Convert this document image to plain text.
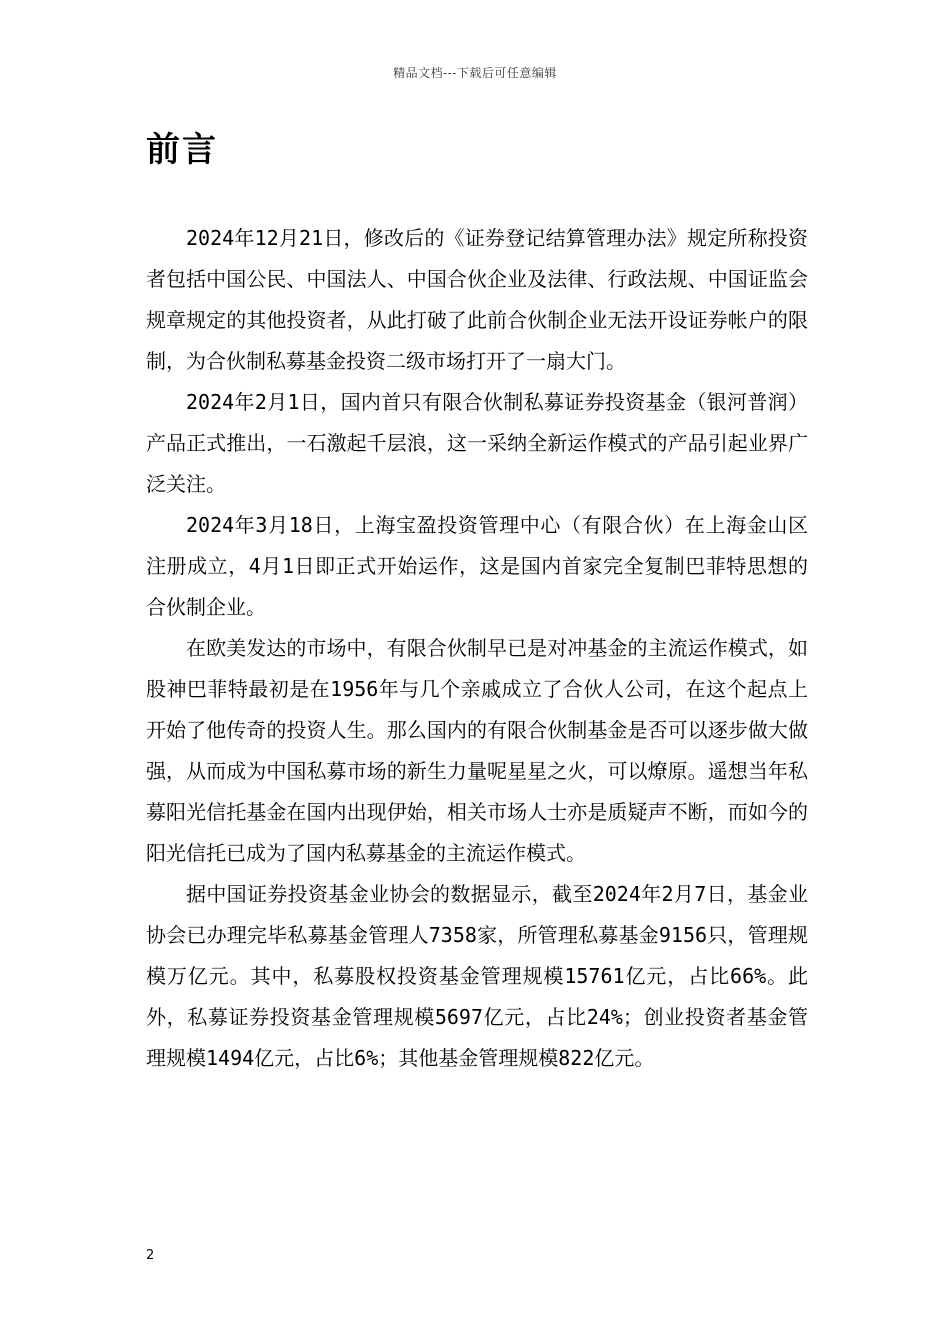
精品文档---下载后可任意编辑
前言

2024年12月21日，修改后的《证券登记结算管理办法》规定所称投资者包括中国公民、中国法人、中国合伙企业及法律、行政法规、中国证监会规章规定的其他投资者，从此打破了此前合伙制企业无法开设证券帐户的限制，为合伙制私募基金投资二级市场打开了一扇大门。

2024年2月1日，国内首只有限合伙制私募证券投资基金（银河普润）产品正式推出，一石激起千层浪，这一采纳全新运作模式的产品引起业界广泛关注。

2024年3月18日，上海宝盈投资管理中心（有限合伙）在上海金山区注册成立，4月1日即正式开始运作，这是国内首家完全复制巴菲特思想的合伙制企业。

在欧美发达的市场中，有限合伙制早已是对冲基金的主流运作模式，如股神巴菲特最初是在1956年与几个亲戚成立了合伙人公司，在这个起点上开始了他传奇的投资人生。那么国内的有限合伙制基金是否可以逐步做大做强，从而成为中国私募市场的新生力量呢星星之火，可以燎原。遥想当年私募阳光信托基金在国内出现伊始，相关市场人士亦是质疑声不断，而如今的阳光信托已成为了国内私募基金的主流运作模式。

据中国证券投资基金业协会的数据显示，截至2024年2月7日，基金业协会已办理完毕私募基金管理人7358家，所管理私募基金9156只，管理规模万亿元。其中，私募股权投资基金管理规模15761亿元，占比66%。此外，私募证券投资基金管理规模5697亿元，占比24%；创业投资者基金管理规模1494亿元，占比6%；其他基金管理规模822亿元。

2
